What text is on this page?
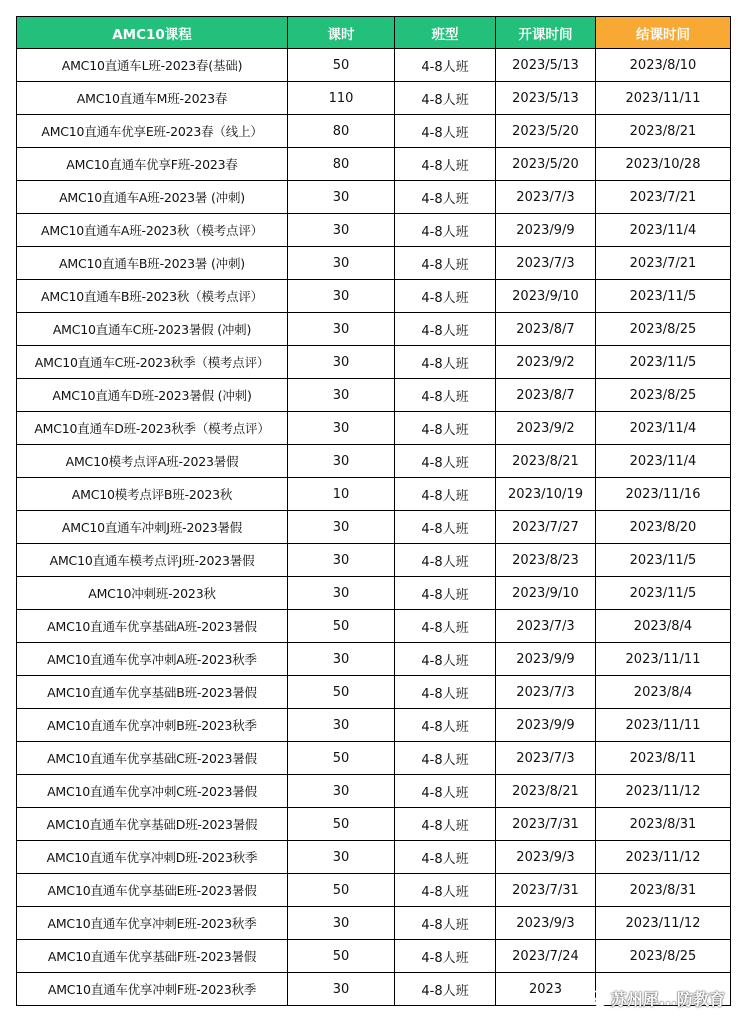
AMC10课程	课时	班型	开课时间	结课时间
AMC10直通车L班-2023春(基础)	50	4-8人班	2023/5/13	2023/8/10
AMC10直通车M班-2023春	110	4-8人班	2023/5/13	2023/11/11
AMC10直通车优享E班-2023春（线上）	80	4-8人班	2023/5/20	2023/8/21
AMC10直通车优享F班-2023春	80	4-8人班	2023/5/20	2023/10/28
AMC10直通车A班-2023暑 (冲刺)	30	4-8人班	2023/7/3	2023/7/21
AMC10直通车A班-2023秋（模考点评）	30	4-8人班	2023/9/9	2023/11/4
AMC10直通车B班-2023暑 (冲刺)	30	4-8人班	2023/7/3	2023/7/21
AMC10直通车B班-2023秋（模考点评）	30	4-8人班	2023/9/10	2023/11/5
AMC10直通车C班-2023暑假 (冲刺)	30	4-8人班	2023/8/7	2023/8/25
AMC10直通车C班-2023秋季（模考点评）	30	4-8人班	2023/9/2	2023/11/5
AMC10直通车D班-2023暑假 (冲刺)	30	4-8人班	2023/8/7	2023/8/25
AMC10直通车D班-2023秋季（模考点评）	30	4-8人班	2023/9/2	2023/11/4
AMC10模考点评A班-2023暑假	30	4-8人班	2023/8/21	2023/11/4
AMC10模考点评B班-2023秋	10	4-8人班	2023/10/19	2023/11/16
AMC10直通车冲刺J班-2023暑假	30	4-8人班	2023/7/27	2023/8/20
AMC10直通车模考点评J班-2023暑假	30	4-8人班	2023/8/23	2023/11/5
AMC10冲刺班-2023秋	30	4-8人班	2023/9/10	2023/11/5
AMC10直通车优享基础A班-2023暑假	50	4-8人班	2023/7/3	2023/8/4
AMC10直通车优享冲刺A班-2023秋季	30	4-8人班	2023/9/9	2023/11/11
AMC10直通车优享基础B班-2023暑假	50	4-8人班	2023/7/3	2023/8/4
AMC10直通车优享冲刺B班-2023秋季	30	4-8人班	2023/9/9	2023/11/11
AMC10直通车优享基础C班-2023暑假	50	4-8人班	2023/7/3	2023/8/11
AMC10直通车优享冲刺C班-2023暑假	30	4-8人班	2023/8/21	2023/11/12
AMC10直通车优享基础D班-2023暑假	50	4-8人班	2023/7/31	2023/8/31
AMC10直通车优享冲刺D班-2023秋季	30	4-8人班	2023/9/3	2023/11/12
AMC10直通车优享基础E班-2023暑假	50	4-8人班	2023/7/31	2023/8/31
AMC10直通车优享冲刺E班-2023秋季	30	4-8人班	2023/9/3	2023/11/12
AMC10直通车优享基础F班-2023暑假	50	4-8人班	2023/7/24	2023/8/25
AMC10直通车优享冲刺F班-2023秋季	30	4-8人班	2023	
苏州犀...防教育
